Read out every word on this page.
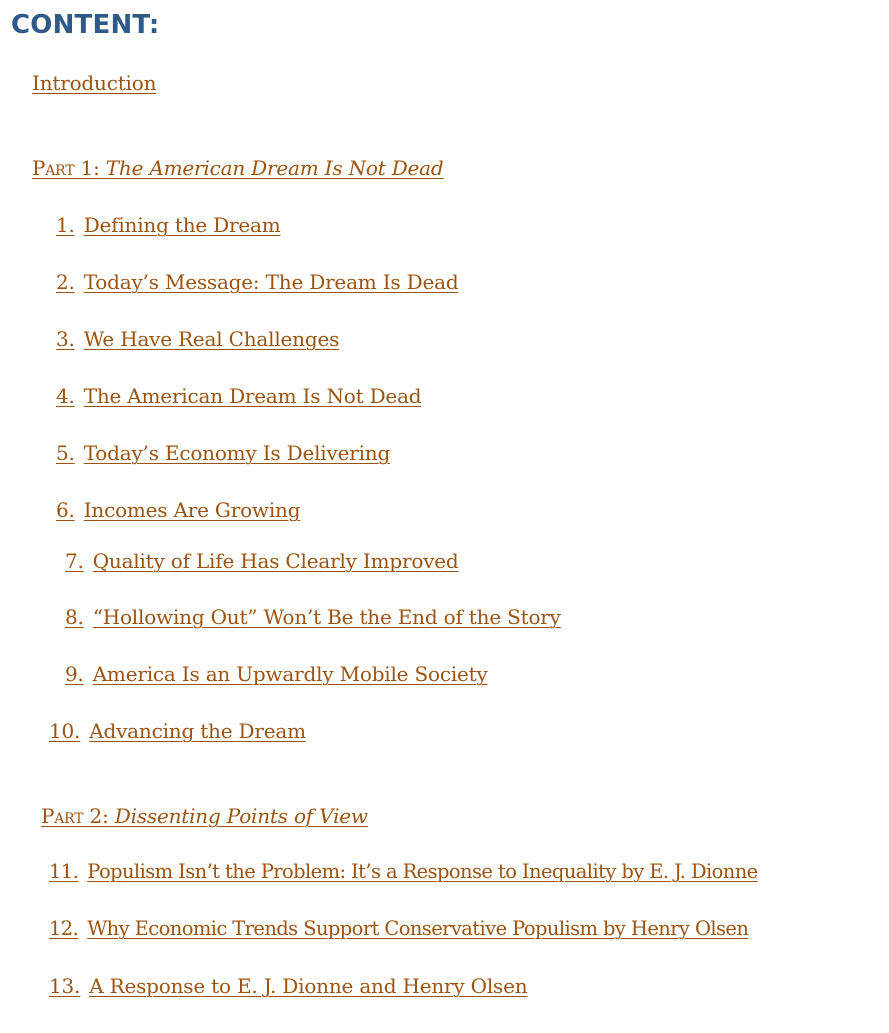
CONTENT:
Introduction
Part 1: The American Dream Is Not Dead
1. Defining the Dream
2. Today’s Message: The Dream Is Dead
3. We Have Real Challenges
4. The American Dream Is Not Dead
5. Today’s Economy Is Delivering
6. Incomes Are Growing
7. Quality of Life Has Clearly Improved
8. “Hollowing Out” Won’t Be the End of the Story
9. America Is an Upwardly Mobile Society
10. Advancing the Dream
Part 2: Dissenting Points of View
11. Populism Isn’t the Problem: It’s a Response to Inequality by E. J. Dionne
12. Why Economic Trends Support Conservative Populism by Henry Olsen
13. A Response to E. J. Dionne and Henry Olsen
